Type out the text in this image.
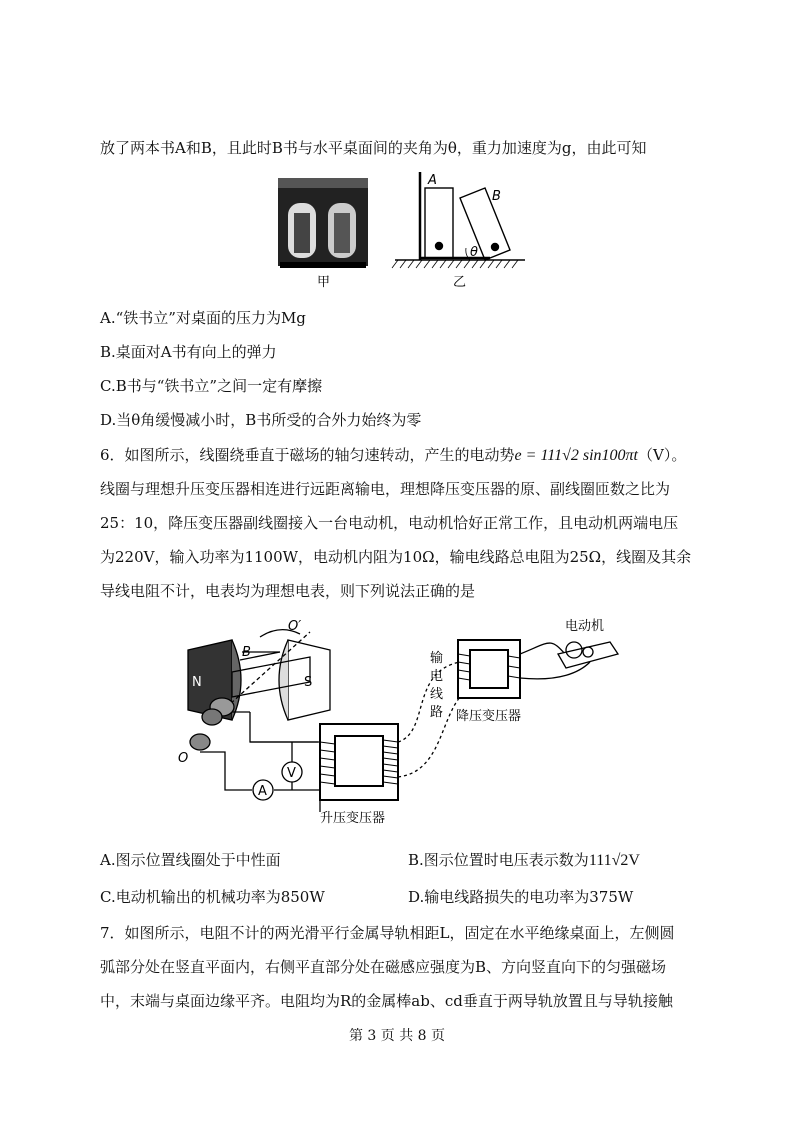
放了两本书A和B，且此时B书与水平桌面间的夹角为θ，重力加速度为g，由此可知
A
B
θ
甲	乙
A.“铁书立”对桌面的压力为Mg
B.桌面对A书有向上的弹力
C.B书与“铁书立”之间一定有摩擦
D.当θ角缓慢减小时，B书所受的合外力始终为零
6．如图所示，线圈绕垂直于磁场的轴匀速转动，产生的电动势e = 111√2 sin100πt（V）。
线圈与理想升压变压器相连进行远距离输电，理想降压变压器的原、副线圈匝数之比为
25：10，降压变压器副线圈接入一台电动机，电动机恰好正常工作，且电动机两端电压
为220V，输入功率为1100W，电动机内阻为10Ω，输电线路总电阻为25Ω，线圈及其余
导线电阻不计，电表均为理想电表，则下列说法正确的是
V
A
N	S
B
O′
O
电动机
输
电
线
路 降压变压器
升压变压器
A.图示位置线圈处于中性面	B.图示位置时电压表示数为111√2V
C.电动机输出的机械功率为850W	D.输电线路损失的电功率为375W
7．如图所示，电阻不计的两光滑平行金属导轨相距L，固定在水平绝缘桌面上，左侧圆
弧部分处在竖直平面内，右侧平直部分处在磁感应强度为B、方向竖直向下的匀强磁场
中，末端与桌面边缘平齐。电阻均为R的金属棒ab、cd垂直于两导轨放置且与导轨接触
第 3 页 共 8 页
